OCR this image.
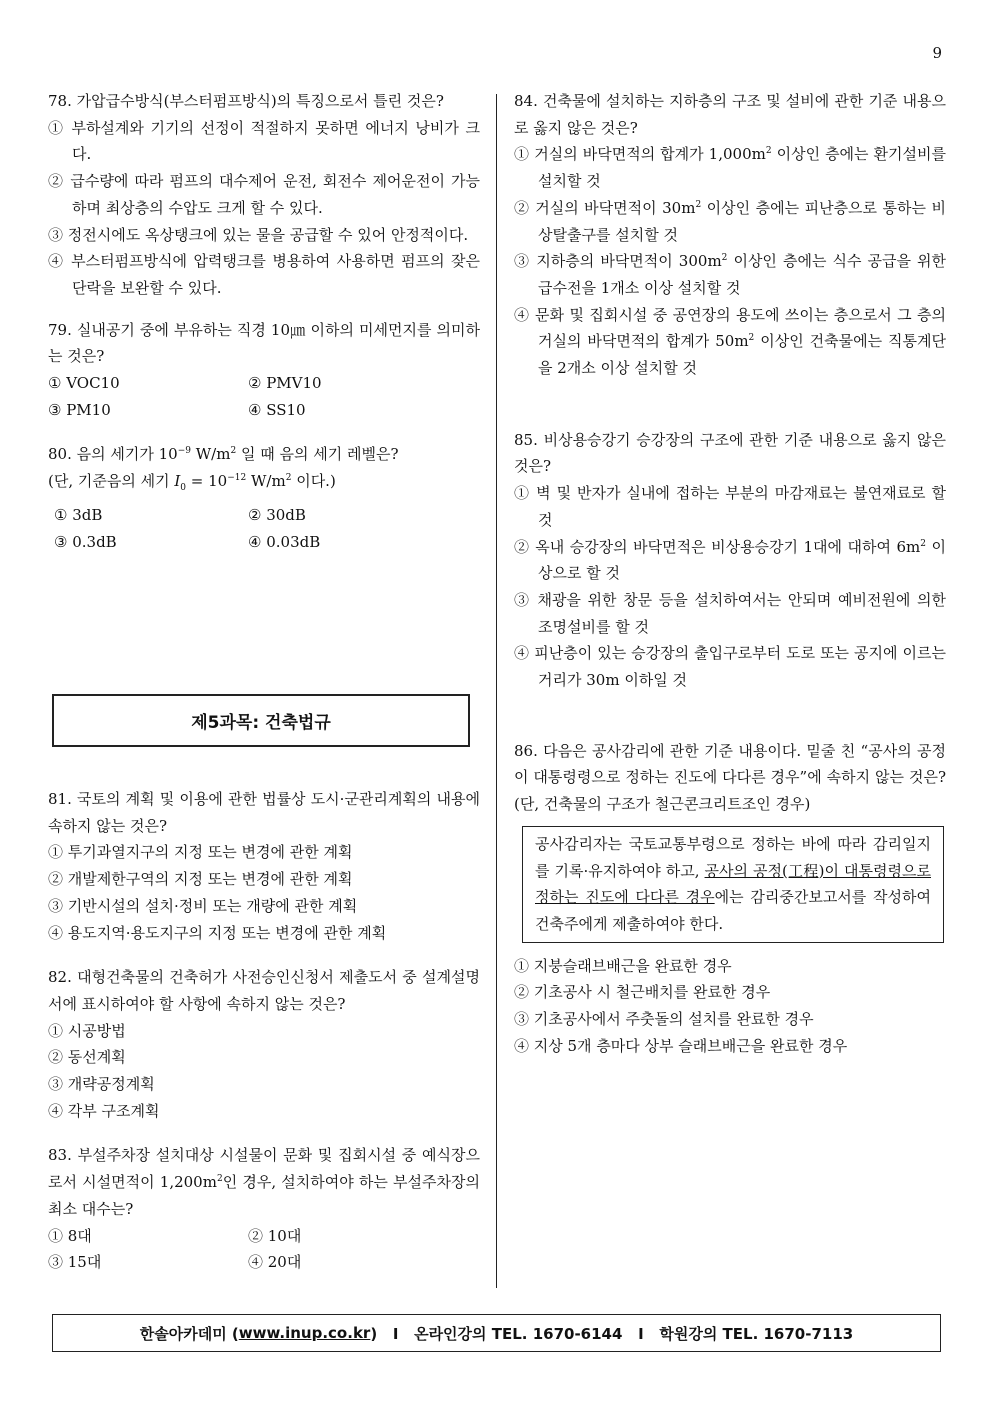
9
78. 가압급수방식(부스터펌프방식)의 특징으로서 틀린 것은?
① 부하설계와 기기의 선정이 적절하지 못하면 에너지 낭비가 크다.
② 급수량에 따라 펌프의 대수제어 운전, 회전수 제어운전이 가능하며 최상층의 수압도 크게 할 수 있다.
③ 정전시에도 옥상탱크에 있는 물을 공급할 수 있어 안정적이다.
④ 부스터펌프방식에 압력탱크를 병용하여 사용하면 펌프의 잦은 단락을 보완할 수 있다.
79. 실내공기 중에 부유하는 직경 10㎛ 이하의 미세먼지를 의미하는 것은?
① VOC10	② PMV10
③ PM10	④ SS10
80. 음의 세기가 $10^{-9}$ $W/m^2$ 일 때 음의 세기 레벨은?
(단, 기준음의 세기 $I_0 = 10^{-12}$ $W/m^2$ 이다.)
① 3dB	② 30dB
③ 0.3dB	④ 0.03dB
제5과목: 건축법규
81. 국토의 계획 및 이용에 관한 법률상 도시·군관리계획의 내용에 속하지 않는 것은?
① 투기과열지구의 지정 또는 변경에 관한 계획
② 개발제한구역의 지정 또는 변경에 관한 계획
③ 기반시설의 설치·정비 또는 개량에 관한 계획
④ 용도지역·용도지구의 지정 또는 변경에 관한 계획
82. 대형건축물의 건축허가 사전승인신청서 제출도서 중 설계설명서에 표시하여야 할 사항에 속하지 않는 것은?
① 시공방법
② 동선계획
③ 개략공정계획
④ 각부 구조계획
83. 부설주차장 설치대상 시설물이 문화 및 집회시설 중 예식장으로서 시설면적이 $1,200m^2$인 경우, 설치하여야 하는 부설주차장의 최소 대수는?
① 8대	② 10대
③ 15대	④ 20대
84. 건축물에 설치하는 지하층의 구조 및 설비에 관한 기준 내용으로 옳지 않은 것은?
① 거실의 바닥면적의 합계가 $1,000m^2$ 이상인 층에는 환기설비를 설치할 것
② 거실의 바닥면적이 $30m^2$ 이상인 층에는 피난층으로 통하는 비상탈출구를 설치할 것
③ 지하층의 바닥면적이 $300m^2$ 이상인 층에는 식수 공급을 위한 급수전을 1개소 이상 설치할 것
④ 문화 및 집회시설 중 공연장의 용도에 쓰이는 층으로서 그 층의 거실의 바닥면적의 합계가 $50m^2$ 이상인 건축물에는 직통계단을 2개소 이상 설치할 것
85. 비상용승강기 승강장의 구조에 관한 기준 내용으로 옳지 않은 것은?
① 벽 및 반자가 실내에 접하는 부분의 마감재료는 불연재료로 할 것
② 옥내 승강장의 바닥면적은 비상용승강기 1대에 대하여 $6m^2$ 이상으로 할 것
③ 채광을 위한 창문 등을 설치하여서는 안되며 예비전원에 의한 조명설비를 할 것
④ 피난층이 있는 승강장의 출입구로부터 도로 또는 공지에 이르는 거리가 30m 이하일 것
86. 다음은 공사감리에 관한 기준 내용이다. 밑줄 친 “공사의 공정이 대통령령으로 정하는 진도에 다다른 경우”에 속하지 않는 것은? (단, 건축물의 구조가 철근콘크리트조인 경우)
공사감리자는 국토교통부령으로 정하는 바에 따라 감리일지를 기록·유지하여야 하고, 공사의 공정(工程)이 대통령령으로 정하는 진도에 다다른 경우에는 감리중간보고서를 작성하여 건축주에게 제출하여야 한다.
① 지붕슬래브배근을 완료한 경우
② 기초공사 시 철근배치를 완료한 경우
③ 기초공사에서 주춧돌의 설치를 완료한 경우
④ 지상 5개 층마다 상부 슬래브배근을 완료한 경우
한솔아카데미 ( www.inup.co.kr )   I   온라인강의 TEL. 1670-6144   I   학원강의 TEL. 1670-7113
